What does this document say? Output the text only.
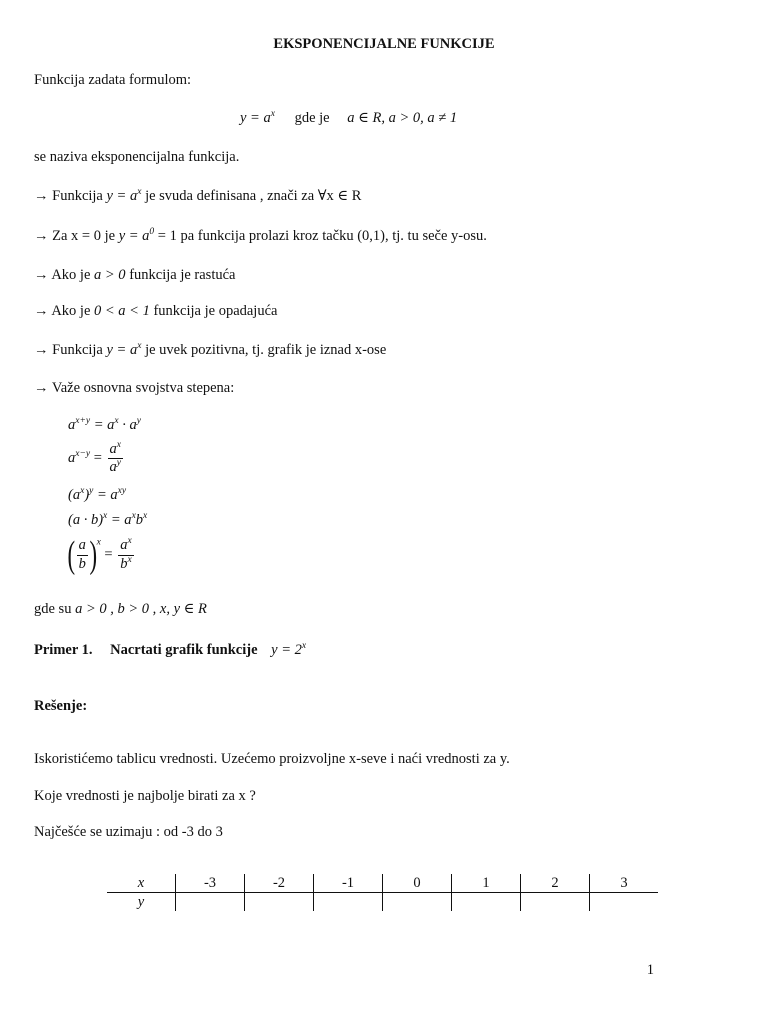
EKSPONENCIJALNE FUNKCIJE
Funkcija zadata formulom:
$y = a^x$ gde je a ∈ R, a > 0, a ≠ 1
se naziva eksponencijalna funkcija.
→ Funkcija $y = a^x$ je svuda definisana , znači za ∀x ∈ R
→ Za x = 0 je $y = a^0 = 1$ pa funkcija prolazi kroz tačku (0,1), tj. tu seče y-osu.
→ Ako je a > 0 funkcija je rastuća
→ Ako je 0 < a < 1 funkcija je opadajuća
→ Funkcija $y = a^x$ je uvek pozitivna, tj. grafik je iznad x-ose
→ Važe osnovna svojstva stepena:
$a^{x+y} = a^x \cdot a^y$
$a^{x-y} = \frac{a^x}{a^y}$
$(a^x)^y = a^{xy}$
$(a \cdot b)^x = a^xb^x$
( $\frac{a}{b} )^x = \frac{a^x}{b^x}$
gde su a > 0 , b > 0 , x, y ∈ R
Primer 1. Nacrtati grafik funkcije $y = 2^x$
Rešenje:
Iskoristićemo tablicu vrednosti. Uzećemo proizvoljne x-seve i naći vrednosti za y.
Koje vrednosti je najbolje birati za x ?
Najčešće se uzimaju : od -3 do 3
x	-3	-2	-1	0	1	2	3
y							
1
